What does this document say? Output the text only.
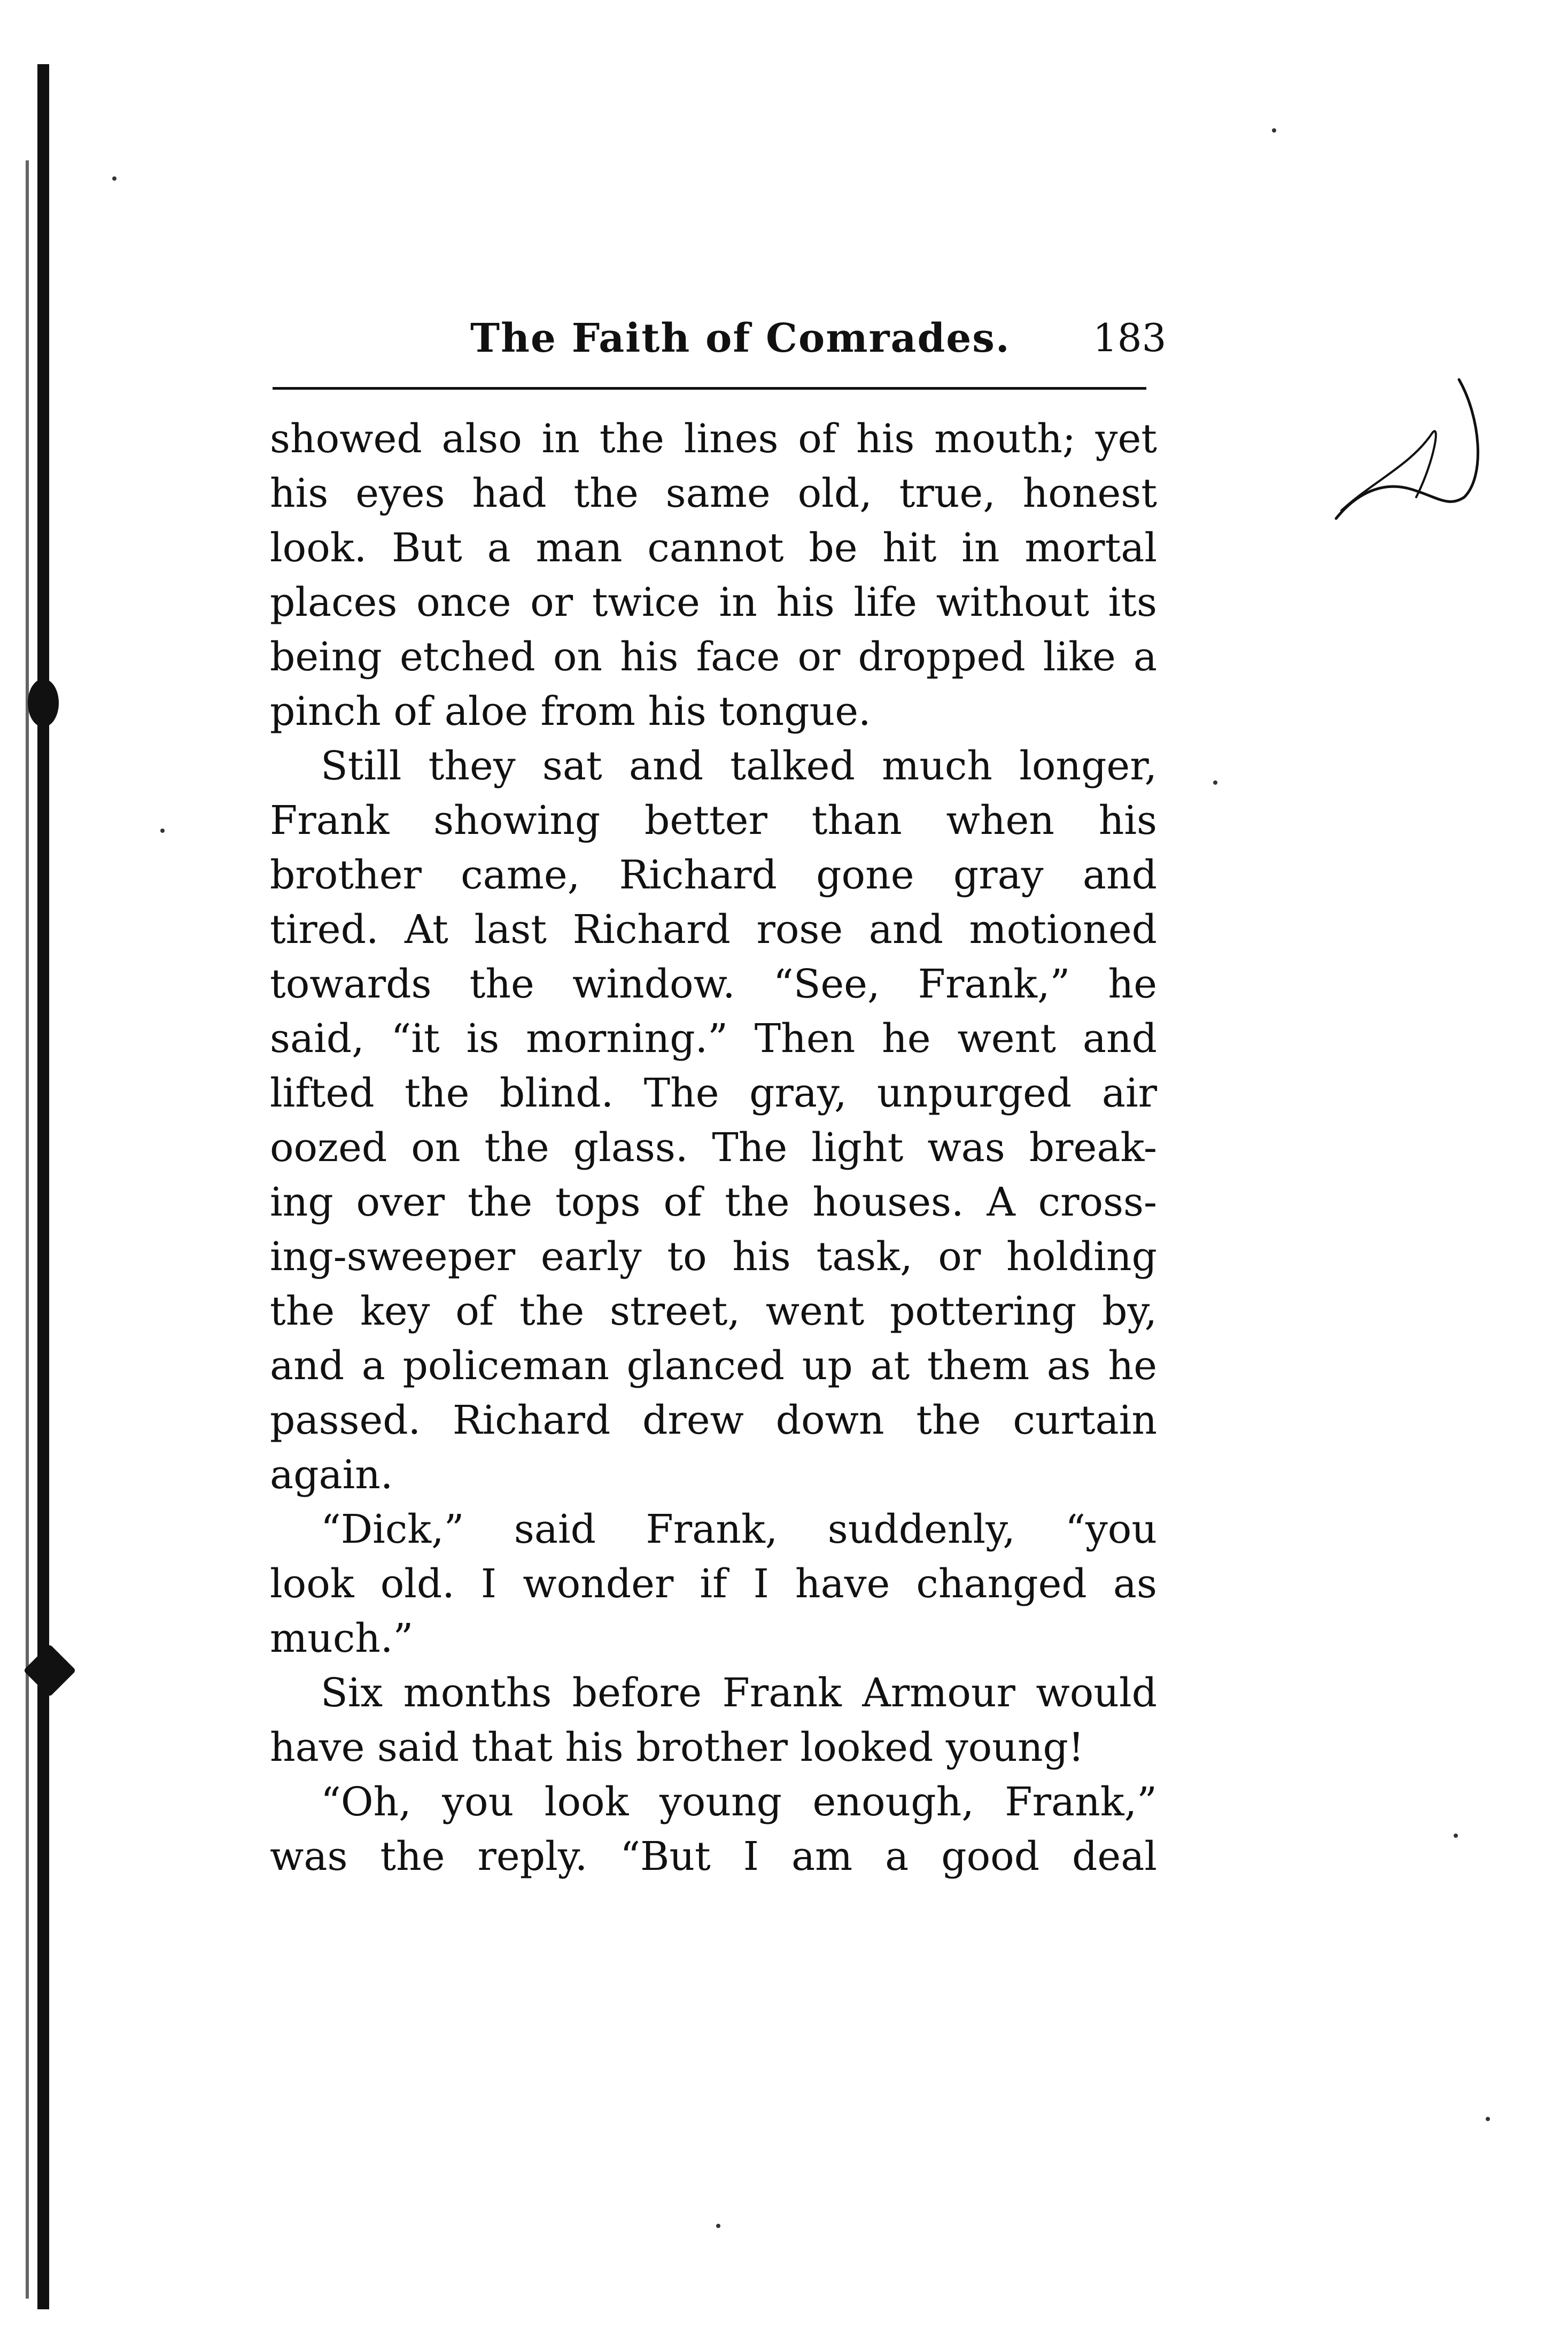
The Faith of Comrades. 183
showed also in the lines of his mouth; yet
his eyes had the same old, true, honest
look. But a man cannot be hit in mortal
places once or twice in his life without its
being etched on his face or dropped like a
pinch of aloe from his tongue.
Still they sat and talked much longer,
Frank showing better than when his
brother came, Richard gone gray and
tired. At last Richard rose and motioned
towards the window. “See, Frank,” he
said, “it is morning.” Then he went and
lifted the blind. The gray, unpurged air
oozed on the glass. The light was break-
ing over the tops of the houses. A cross-
ing-sweeper early to his task, or holding
the key of the street, went pottering by,
and a policeman glanced up at them as he
passed. Richard drew down the curtain
again.
“Dick,” said Frank, suddenly, “you
look old. I wonder if I have changed as
much.”
Six months before Frank Armour would
have said that his brother looked young!
“Oh, you look young enough, Frank,”
was the reply. “But I am a good deal
